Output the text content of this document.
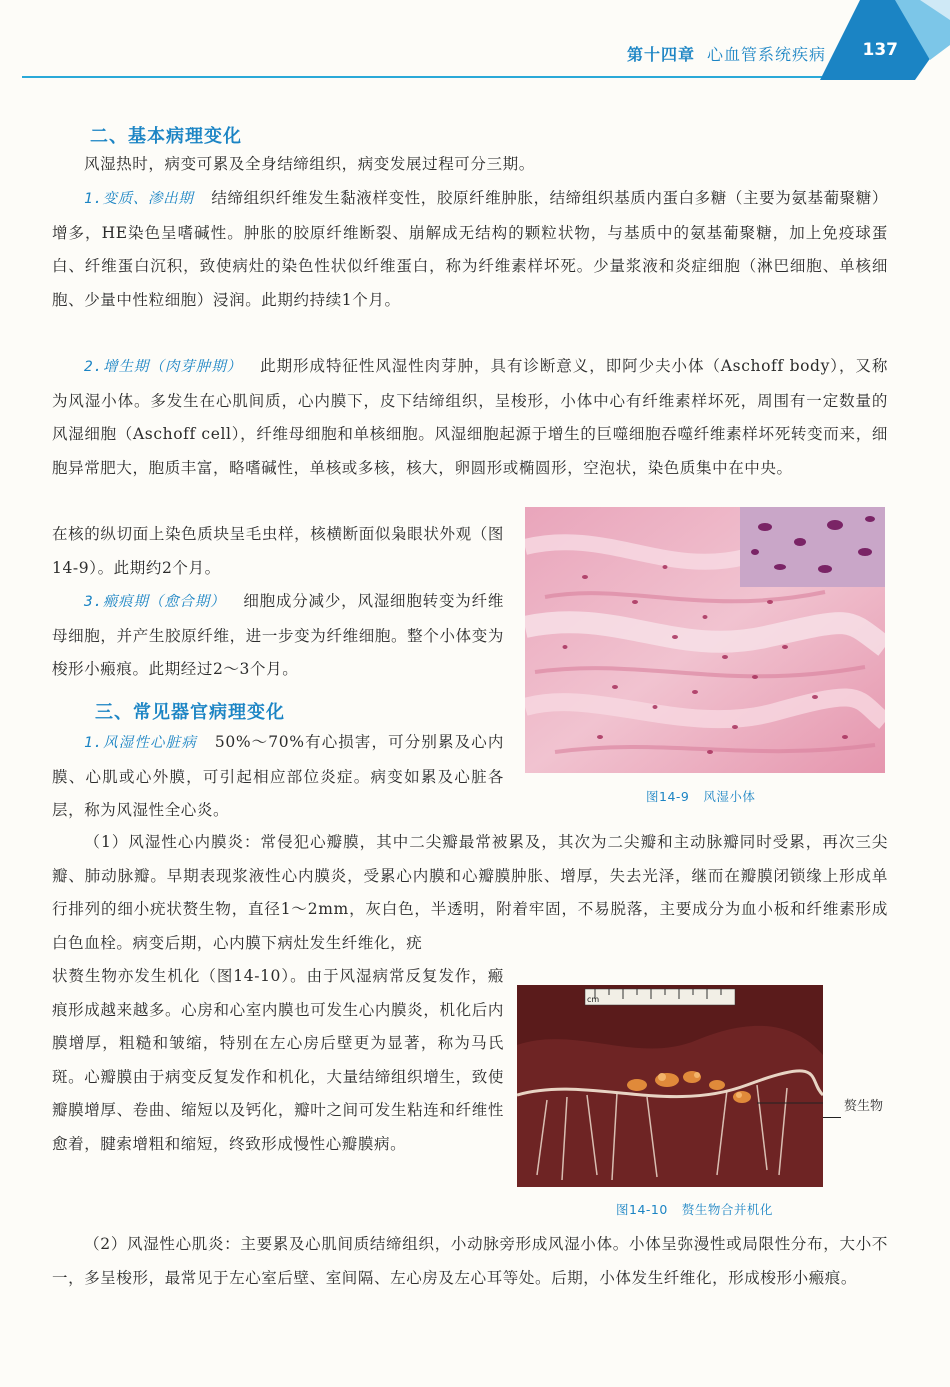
第十四章 心血管系统疾病 137
二、基本病理变化

风湿热时，病变可累及全身结缔组织，病变发展过程可分三期。

1.变质、渗出期 结缔组织纤维发生黏液样变性，胶原纤维肿胀，结缔组织基质内蛋白多糖（主要为氨基葡聚糖）增多，HE染色呈嗜碱性。肿胀的胶原纤维断裂、崩解成无结构的颗粒状物，与基质中的氨基葡聚糖，加上免疫球蛋白、纤维蛋白沉积，致使病灶的染色性状似纤维蛋白，称为纤维素样坏死。少量浆液和炎症细胞（淋巴细胞、单核细胞、少量中性粒细胞）浸润。此期约持续1个月。

2.增生期（肉芽肿期） 此期形成特征性风湿性肉芽肿，具有诊断意义，即阿少夫小体（Aschoff body），又称为风湿小体。多发生在心肌间质，心内膜下，皮下结缔组织，呈梭形，小体中心有纤维素样坏死，周围有一定数量的风湿细胞（Aschoff cell），纤维母细胞和单核细胞。风湿细胞起源于增生的巨噬细胞吞噬纤维素样坏死转变而来，细胞异常肥大，胞质丰富，略嗜碱性，单核或多核，核大，卵圆形或椭圆形，空泡状，染色质集中在中央。

在核的纵切面上染色质块呈毛虫样，核横断面似枭眼状外观（图14-9）。此期约2个月。

3.瘢痕期（愈合期） 细胞成分减少，风湿细胞转变为纤维母细胞，并产生胶原纤维，进一步变为纤维细胞。整个小体变为梭形小瘢痕。此期经过2～3个月。

图14-9 风湿小体
三、常见器官病理变化

1.风湿性心脏病 50%～70%有心损害，可分别累及心内膜、心肌或心外膜，可引起相应部位炎症。病变如累及心脏各层，称为风湿性全心炎。

（1）风湿性心内膜炎：常侵犯心瓣膜，其中二尖瓣最常被累及，其次为二尖瓣和主动脉瓣同时受累，再次三尖瓣、肺动脉瓣。早期表现浆液性心内膜炎，受累心内膜和心瓣膜肿胀、增厚，失去光泽，继而在瓣膜闭锁缘上形成单行排列的细小疣状赘生物，直径1～2mm，灰白色，半透明，附着牢固，不易脱落，主要成分为血小板和纤维素形成白色血栓。病变后期，心内膜下病灶发生纤维化，疣

状赘生物亦发生机化（图14-10）。由于风湿病常反复发作，瘢痕形成越来越多。心房和心室内膜也可发生心内膜炎，机化后内膜增厚，粗糙和皱缩，特别在左心房后壁更为显著，称为马氏斑。心瓣膜由于病变反复发作和机化，大量结缔组织增生，致使瓣膜增厚、卷曲、缩短以及钙化，瓣叶之间可发生粘连和纤维性愈着，腱索增粗和缩短，终致形成慢性心瓣膜病。

cm
赘生物
图14-10 赘生物合并机化

（2）风湿性心肌炎：主要累及心肌间质结缔组织，小动脉旁形成风湿小体。小体呈弥漫性或局限性分布，大小不一，多呈梭形，最常见于左心室后壁、室间隔、左心房及左心耳等处。后期，小体发生纤维化，形成梭形小瘢痕。
